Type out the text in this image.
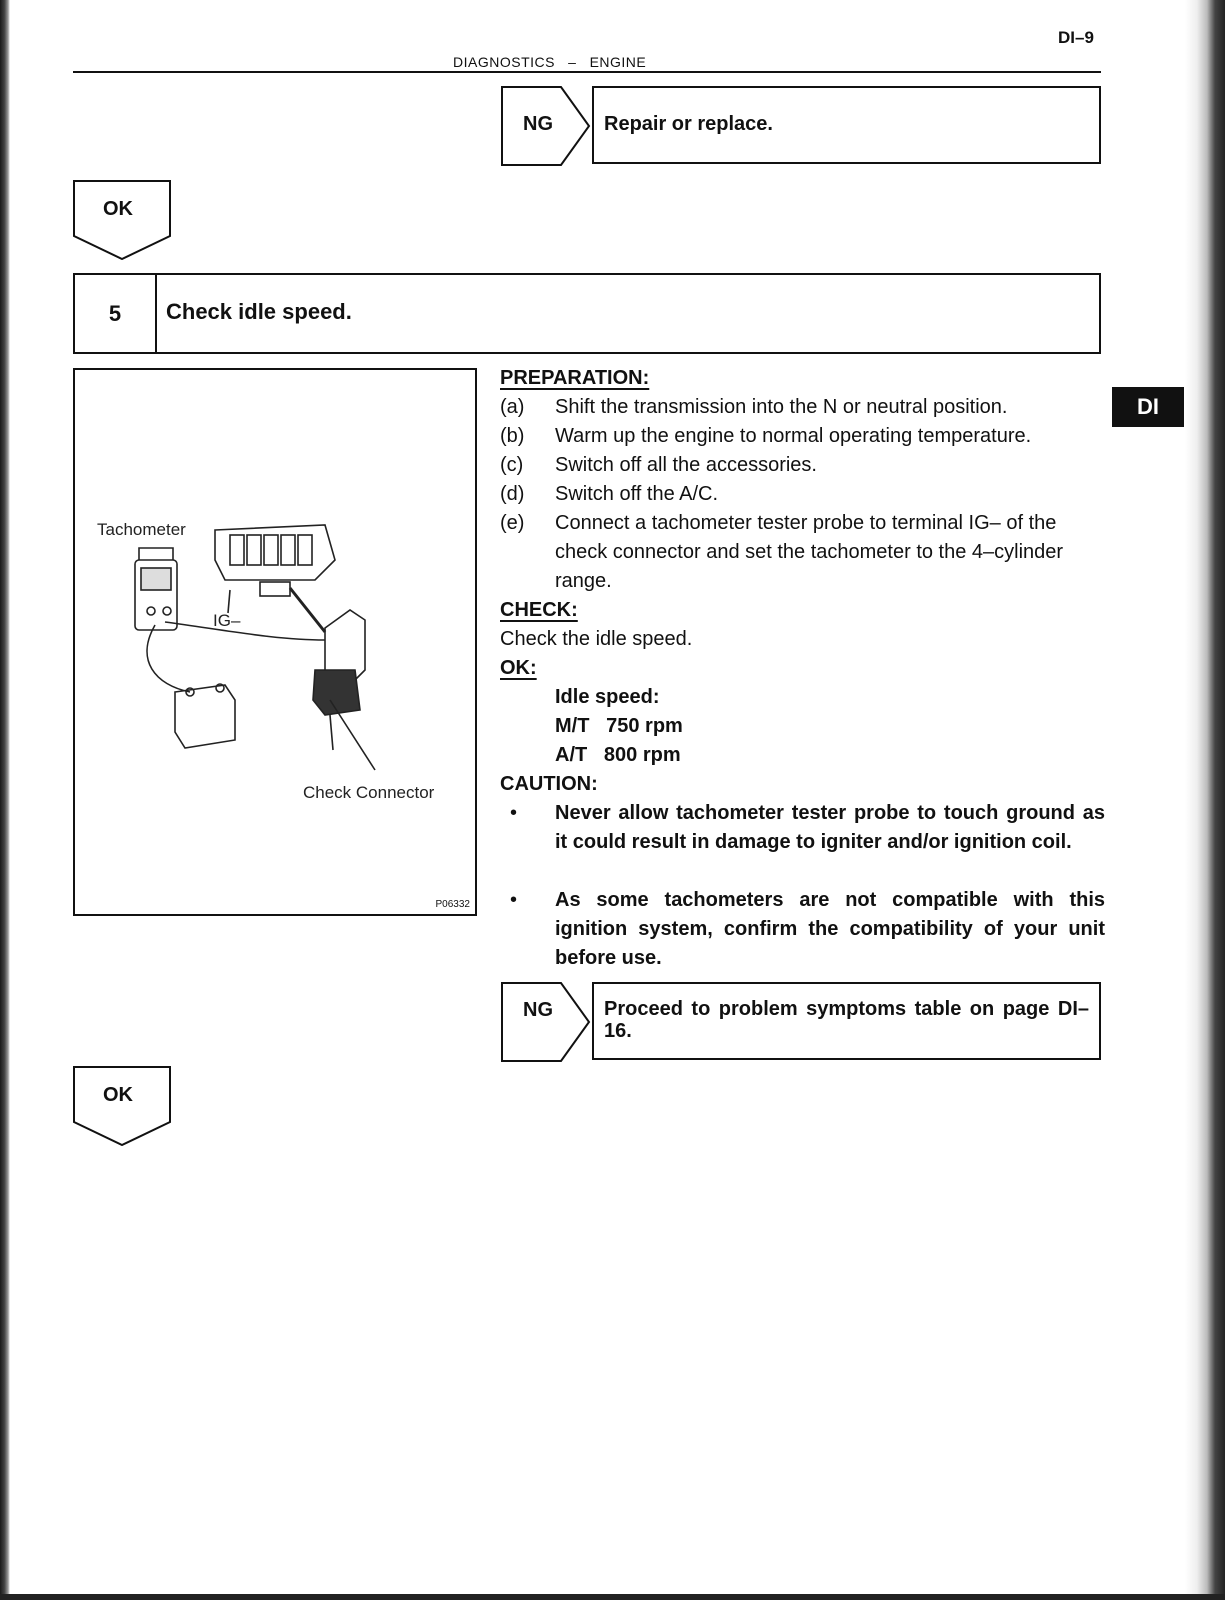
DI–9
DIAGNOSTICS   –   ENGINE
NG	Repair or replace.
OK
5	Check idle speed.
Tachometer
IG–
Check Connector
P06332
DI
PREPARATION:
(a) Shift the transmission into the N or neutral position.
(b) Warm up the engine to normal operating temperature.
(c) Switch off all the accessories.
(d) Switch off the A/C.
(e) Connect a tachometer tester probe to terminal IG– of the check connector and set the tachometer to the 4–cylinder range.
CHECK:
Check the idle speed.
OK:
Idle speed:
M/T   750 rpm
A/T   800 rpm
CAUTION:
• Never allow tachometer tester probe to touch ground as it could result in damage to igniter and/or ignition coil.
• As some tachometers are not compatible with this ignition system, confirm the compatibility of your unit before use.
NG	Proceed to problem symptoms table on page DI–16.
OK
